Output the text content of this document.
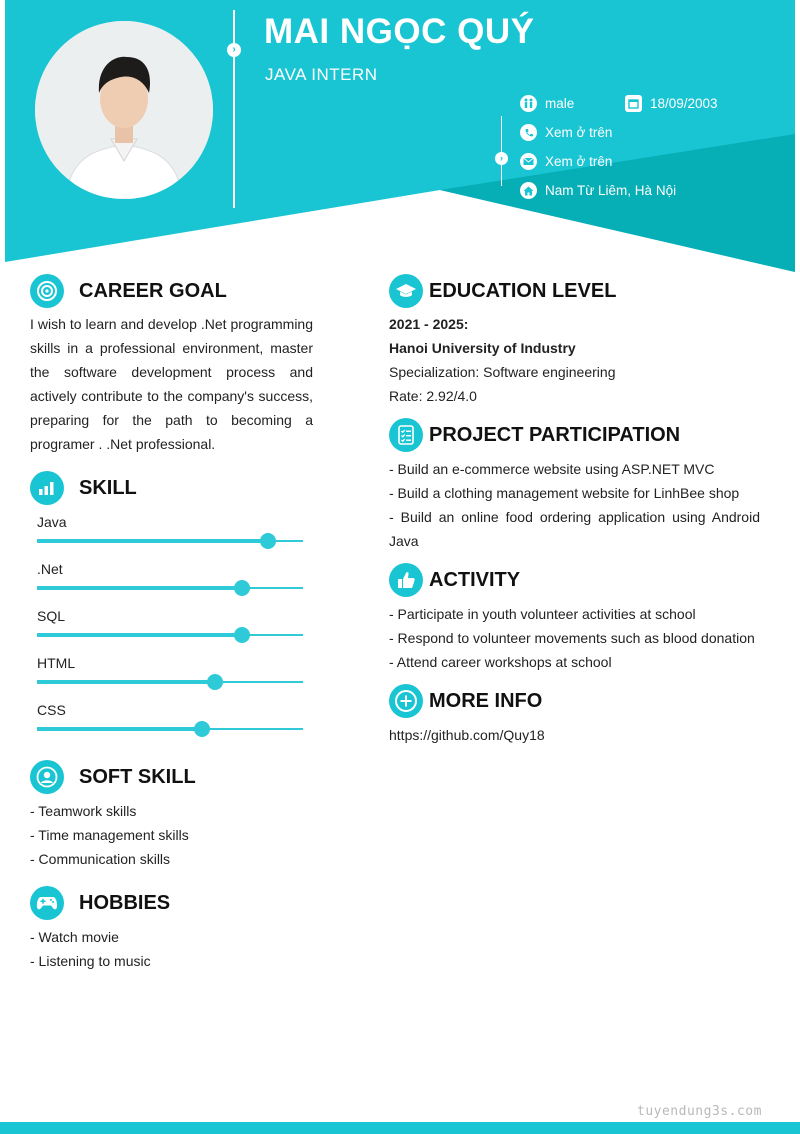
› MAI NGỌC QUÝ
JAVA INTERN
›
male	18/09/2003
Xem ở trên
Xem ở trên
Nam Từ Liêm, Hà Nội
CAREER GOAL
I wish to learn and develop .Net programming
skills in a professional environment, master
the software development process and
actively contribute to the company's success,
preparing for the path to becoming a
programer . .Net professional.
SKILL
Java
.Net
SQL
HTML
CSS
SOFT SKILL
- Teamwork skills
- Time management skills
- Communication skills
HOBBIES
- Watch movie
- Listening to music
EDUCATION LEVEL
2021 - 2025:
Hanoi University of Industry
Specialization: Software engineering
Rate: 2.92/4.0
PROJECT PARTICIPATION
- Build an e-commerce website using ASP.NET MVC
- Build a clothing management website for LinhBee shop
- Build an online food ordering application using Android
Java
ACTIVITY
- Participate in youth volunteer activities at school
- Respond to volunteer movements such as blood donation
- Attend career workshops at school
MORE INFO
https://github.com/Quy18
tuyendung3s.com
